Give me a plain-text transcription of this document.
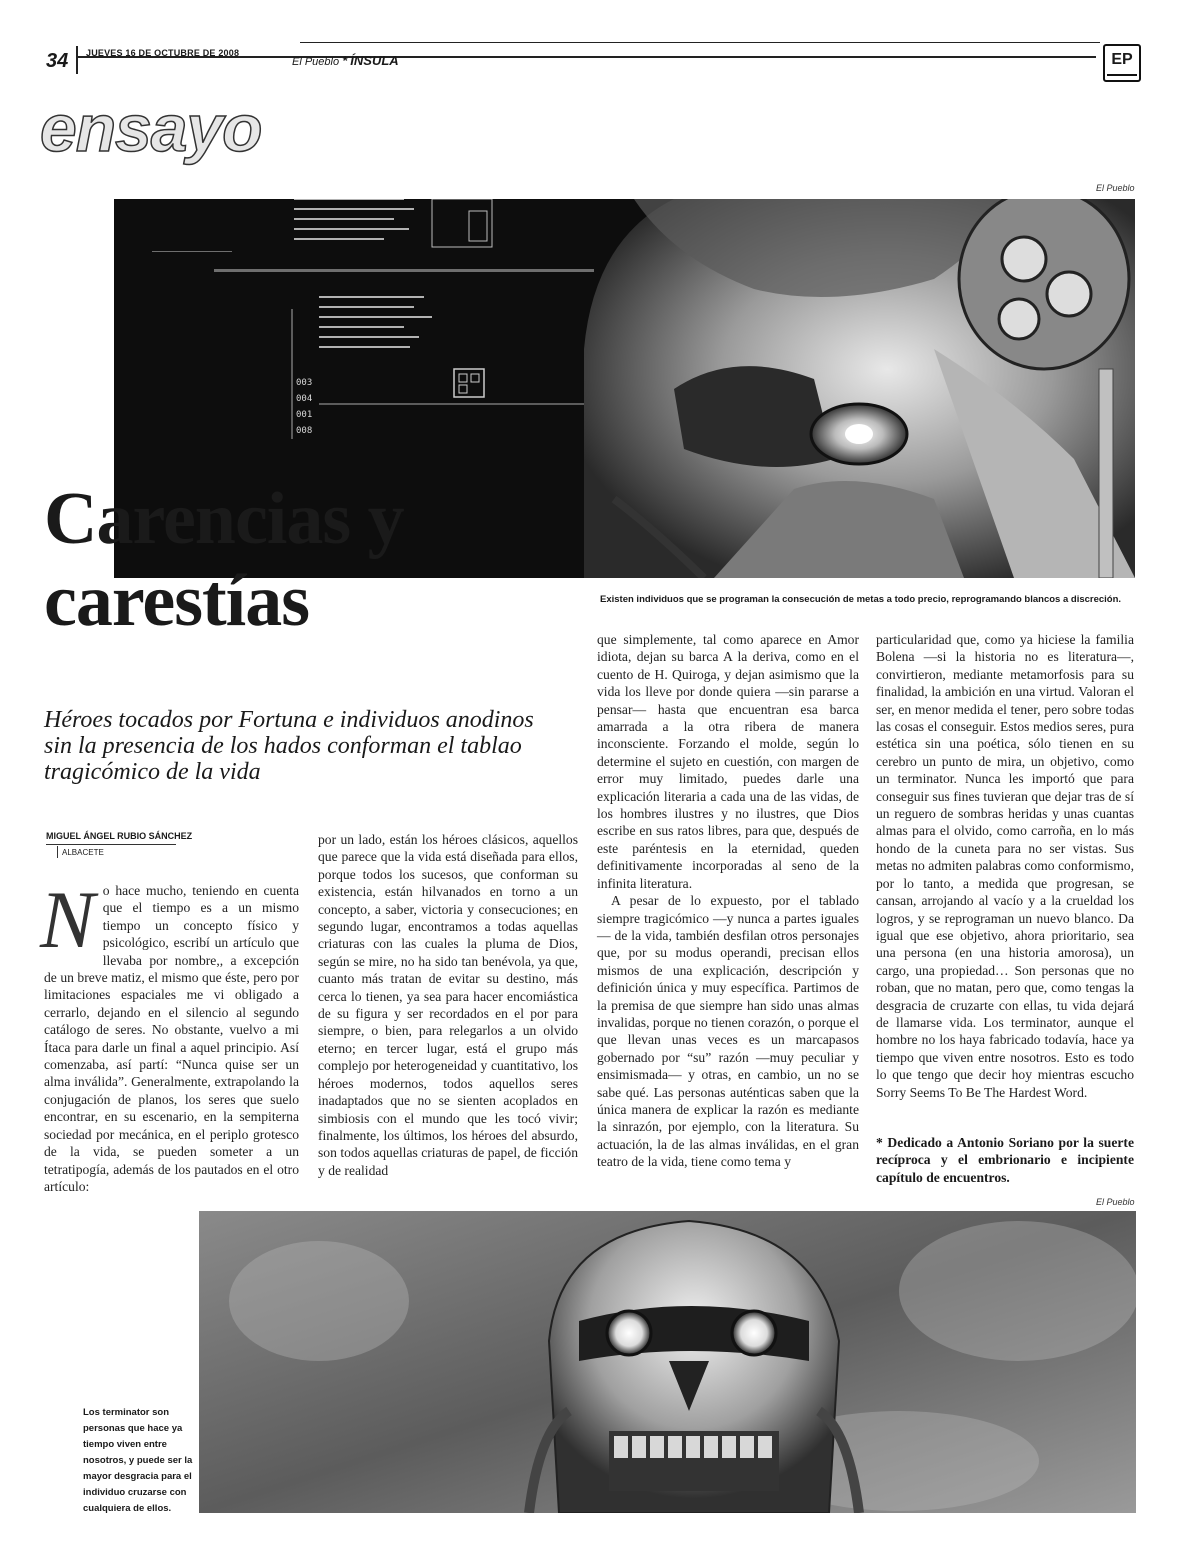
34 JUEVES 16 DE OCTUBRE DE 2008
El Pueblo * ÍNSULA	EP
ensayo
El Pueblo
003
004
001
008
Existen individuos que se programan la consecución de metas a todo precio, reprogramando blancos a discreción.
Carencias y
carestías
Héroes tocados por Fortuna e individuos anodinos sin la presencia de los hados conforman el tablao tragicómico de la vida
MIGUEL ÁNGEL RUBIO SÁNCHEZ
ALBACETE
N o hace mucho, teniendo en cuenta que el tiempo es a un mismo tiempo un concepto físico y psicológico, escribí un artículo que llevaba por nombre,, a excepción de un breve matiz, el mismo que éste, pero por limitaciones espaciales me vi obligado a cerrarlo, dejando en el silencio al segundo catálogo de seres. No obstante, vuelvo a mi Ítaca para darle un final a aquel principio. Así comenzaba, así partí: “Nunca quise ser un alma inválida”. Generalmente, extrapolando la conjugación de planos, los seres que suelo encontrar, en su escenario, en la sempiterna sociedad por mecánica, en el periplo grotesco de la vida, se pueden someter a un tetratipogía, además de los pautados en el otro artículo:

por un lado, están los héroes clásicos, aquellos que parece que la vida está diseñada para ellos, porque todos los sucesos, que conforman su existencia, están hilvanados en torno a un concepto, a saber, victoria y consecuciones; en segundo lugar, encontramos a todas aquellas criaturas con las cuales la pluma de Dios, según se mire, no ha sido tan benévola, ya que, cuanto más tratan de evitar su destino, más cerca lo tienen, ya sea para hacer encomiástica de su figura y ser recordados en el por para siempre, o bien, para relegarlos a un olvido eterno; en tercer lugar, está el grupo más complejo por heterogeneidad y cuantitativo, los héroes modernos, todos aquellos seres inadaptados que no se sienten acoplados en simbiosis con el mundo que les tocó vivir; finalmente, los últimos, los héroes del absurdo, son todos aquellas criaturas de papel, de ficción y de realidad

que simplemente, tal como aparece en Amor idiota, dejan su barca A la deriva, como en el cuento de H. Quiroga, y dejan asimismo que la vida los lleve por donde quiera —sin pararse a pensar— hasta que encuentran esa barca amarrada a la otra ribera de manera inconsciente. Forzando el molde, según lo determine el sujeto en cuestión, con margen de error muy limitado, puedes darle una explicación literaria a cada una de las vidas, de los hombres ilustres y no ilustres, que Dios escribe en sus ratos libres, para que, después de este paréntesis en la eternidad, queden definitivamente incorporadas al seno de la infinita literatura.

A pesar de lo expuesto, por el tablado siempre tragicómico —y nunca a partes iguales— de la vida, también desfilan otros personajes que, por su modus operandi, precisan ellos mismos de una explicación, descripción y definición única y muy específica. Partimos de la premisa de que siempre han sido unas almas invalidas, porque no tienen corazón, o porque el que llevan unas veces es un marcapasos gobernado por “su” razón —muy peculiar y ensimismada— y otras, en cambio, un no se sabe qué. Las personas auténticas saben que la única manera de explicar la razón es mediante la sinrazón, por ejemplo, con la literatura. Su actuación, la de las almas inválidas, en el gran teatro de la vida, tiene como tema y

particularidad que, como ya hiciese la familia Bolena —si la historia no es literatura—, convirtieron, mediante metamorfosis para su finalidad, la ambición en una virtud. Valoran el ser, en menor medida el tener, pero sobre todas las cosas el conseguir. Estos medios seres, pura estética sin una poética, sólo tienen en su cerebro un punto de mira, un objetivo, como un terminator. Nunca les importó que para conseguir sus fines tuvieran que dejar tras de sí un reguero de sombras heridas y unas cuantas almas para el olvido, como carroña, en lo más hondo de la cuneta para no ser vistas. Sus metas no admiten palabras como conformismo, por lo tanto, a medida que progresan, se cansan, arrojando al vacío y a la crueldad los logros, y se reprograman un nuevo blanco. Da igual que ese objetivo, ahora prioritario, sea una persona (en una historia amorosa), un cargo, una propiedad… Son personas que no roban, que no matan, pero que, como tengas la desgracia de cruzarte con ellas, tu vida dejará de llamarse vida. Los terminator, aunque el hombre no los haya fabricado todavía, hace ya tiempo que viven entre nosotros. Esto es todo lo que tengo que decir hoy mientras escucho Sorry Seems To Be The Hardest Word.

* Dedicado a Antonio Soriano por la suerte recíproca y el embrionario e incipiente capítulo de encuentros.
El Pueblo
Los terminator son personas que hace ya tiempo viven entre nosotros, y puede ser la mayor desgracia para el individuo cruzarse con cualquiera de ellos.
